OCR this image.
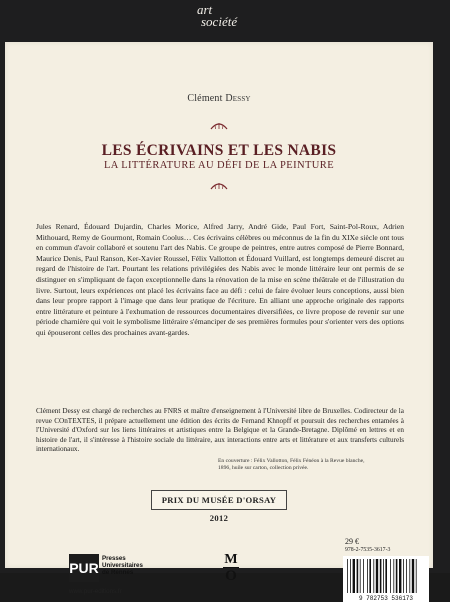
art
société
Clément Dessy
LES ÉCRIVAINS ET LES NABIS
LA LITTÉRATURE AU DÉFI DE LA PEINTURE

Jules Renard, Édouard Dujardin, Charles Morice, Alfred Jarry, André Gide, Paul Fort, Saint-Pol-Roux, Adrien Mithouard, Remy de Gourmont, Romain Coolus… Ces écrivains célèbres ou méconnus de la fin du XIXe siècle ont tous en commun d'avoir collaboré et soutenu l'art des Nabis. Ce groupe de peintres, entre autres composé de Pierre Bonnard, Maurice Denis, Paul Ranson, Ker-Xavier Roussel, Félix Vallotton et Édouard Vuillard, est longtemps demeuré discret au regard de l'histoire de l'art. Pourtant les relations privilégiées des Nabis avec le monde littéraire leur ont permis de se distinguer en s'impliquant de façon exceptionnelle dans la rénovation de la mise en scène théâtrale et de l'illustration du livre. Surtout, leurs expériences ont placé les écrivains face au défi : celui de faire évoluer leurs conceptions, aussi bien dans leur propre rapport à l'image que dans leur pratique de l'écriture. En alliant une approche originale des rapports entre littérature et peinture à l'exhumation de ressources documentaires diversifiées, ce livre propose de revenir sur une période charnière qui voit le symbolisme littéraire s'émanciper de ses premières formules pour s'orienter vers des options qui épouseront celles des prochaines avant-gardes.

Clément Dessy est chargé de recherches au FNRS et maître d'enseignement à l'Université libre de Bruxelles. Codirecteur de la revue COnTEXTES, il prépare actuellement une édition des écrits de Fernand Khnopff et poursuit des recherches entamées à l'Université d'Oxford sur les liens littéraires et artistiques entre la Belgique et la Grande-Bretagne. Diplômé en lettres et en histoire de l'art, il s'intéresse à l'histoire sociale du littéraire, aux interactions entre arts et littérature et aux transferts culturels internationaux.

En couverture : Félix Vallotton, Félix Fénéon à la Revue blanche,
1896, huile sur carton, collection privée.
PRIX DU MUSÉE D'ORSAY 2012
PUR
Presses
Universitaires
de Rennes
www.pur-editions.fr
M
O
29 €
978-2-7535-3617-3
9 782753 536173
